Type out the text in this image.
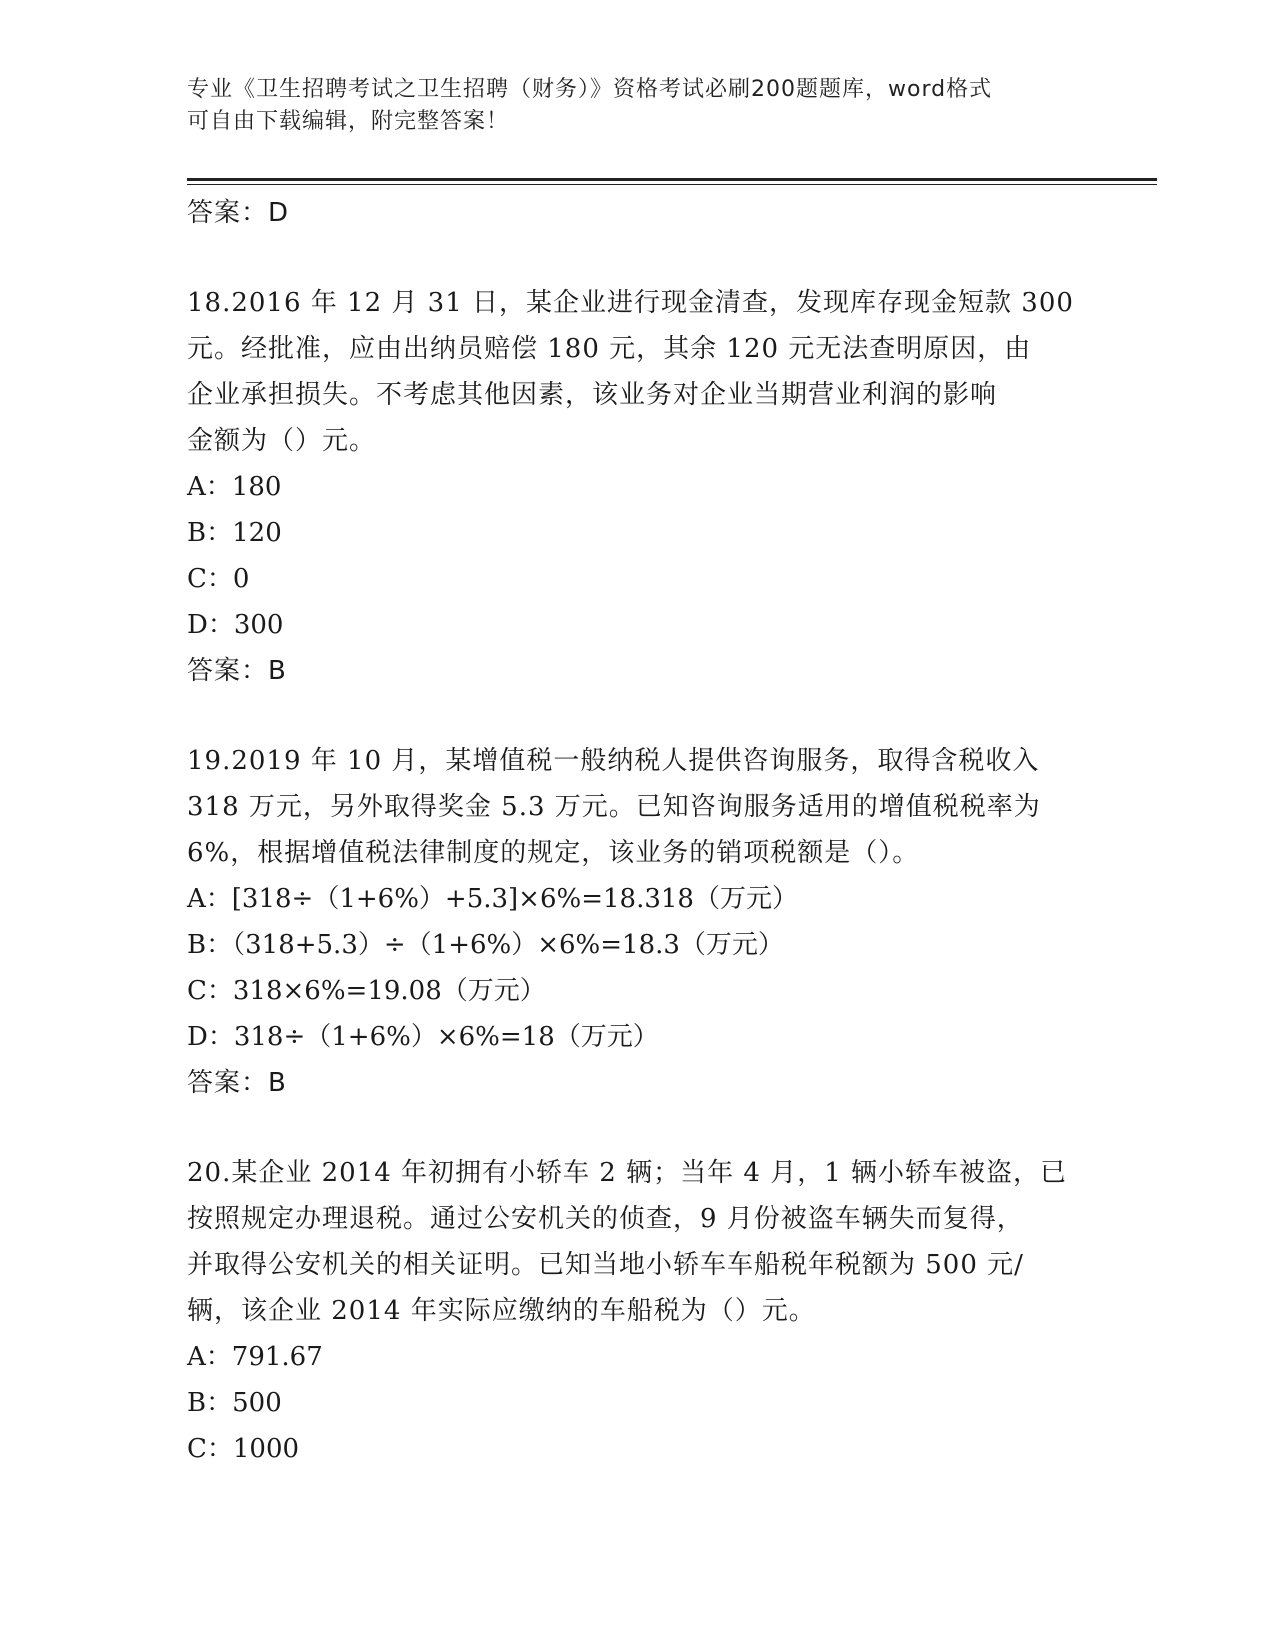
专业《卫生招聘考试之卫生招聘（财务）》资格考试必刷200题题库，word格式
可自由下载编辑，附完整答案！
答案：D
18.2016 年 12 月 31 日，某企业进行现金清查，发现库存现金短款 300
元。经批准，应由出纳员赔偿 180 元，其余 120 元无法查明原因，由
企业承担损失。不考虑其他因素，该业务对企业当期营业利润的影响
金额为（）元。
A：180
B：120
C：0
D：300
答案：B
19.2019 年 10 月，某增值税一般纳税人提供咨询服务，取得含税收入
318 万元，另外取得奖金 5.3 万元。已知咨询服务适用的增值税税率为
6%，根据增值税法律制度的规定，该业务的销项税额是（）。
A：[318÷（1+6%）+5.3]×6%=18.318（万元）
B：（318+5.3）÷（1+6%）×6%=18.3（万元）
C：318×6%=19.08（万元）
D：318÷（1+6%）×6%=18（万元）
答案：B
20.某企业 2014 年初拥有小轿车 2 辆；当年 4 月，1 辆小轿车被盗，已
按照规定办理退税。通过公安机关的侦查，9 月份被盗车辆失而复得，
并取得公安机关的相关证明。已知当地小轿车车船税年税额为 500 元/
辆，该企业 2014 年实际应缴纳的车船税为（）元。
A：791.67
B：500
C：1000
